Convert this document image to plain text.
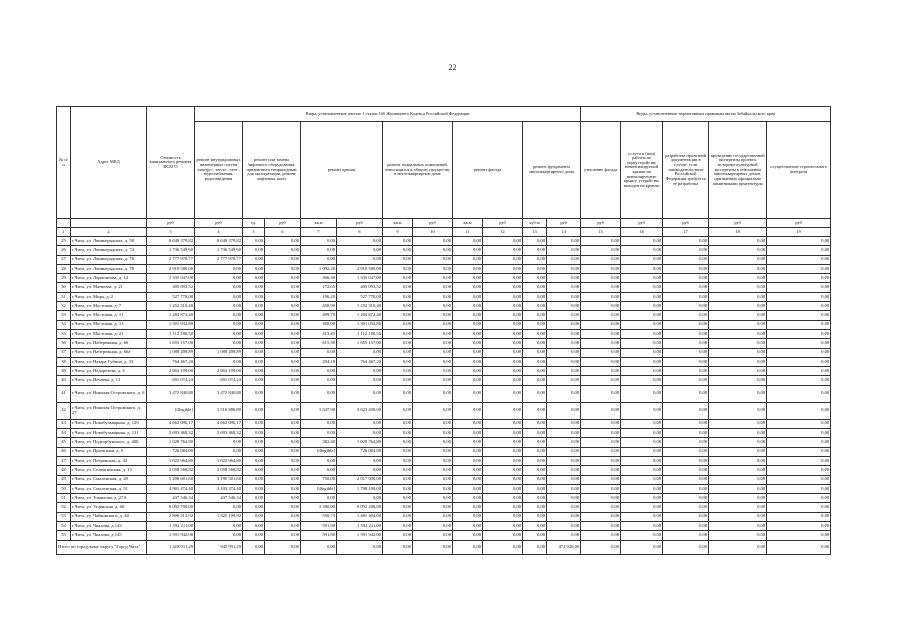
22
№ п/п	Адрес МКД	Стоимость капитального ремонта ВСЕГО	Виды, установленные частью 1 статьи 166 Жилищного Кодекса Российской Федерации											Виды, установленные нормативным правовым актом Забайкальского края				
			ремонт внутридомовых инженерных систем электро-, тепло-, газо-, водоснабжения, водоотведения	ремонт или замена лифтового оборудования, признанного непригодным для эксплуатации, ремонт лифтовых шахт		ремонт крыши		ремонт подвальных помещений, относящихся к общему имуществу в многоквартирном доме		ремонт фасада		ремонт фундамента многоквартирного дома		утепление фасада	услуги и (или) работы по переустройству невентилируемой крыши на вентилируемую крышу, устройство выходов на кровлю	разработка проектной документации в случае, если законодательством Российской Федерации требуется ее разработка	проведение государственной экспертизы проекта, историко-культурной экспертизы в отношении многоквартирных домов, признанных официально памятниками архитектуры	осуществление строительного контроля
		руб	руб	ед.	руб	кв.м	руб	кв.м	руб	кв.м	руб	куб.м	руб	руб	руб	руб	руб	руб
1	2	3	4	5	6	7	8	9	10	11	12	13	14	15	16	17	18	19
25	г.Чита, ул. Ленинградская, д. 58	8 649 379,82	8 649 379,82	0,00	0,00	0,00	0,00	0,00	0,00	0,00	0,00	0,00	0,00	0,00	0,00	0,00	0,00	0,00
26	г.Чита, ул. Ленинградская, д. 74	1 736 549,60	1 736 549,60	0,00	0,00	0,00	0,00	0,00	0,00	0,00	0,00	0,00	0,00	0,00	0,00	0,00	0,00	0,00
27	г.Чита, ул. Ленинградская, д. 76	2 777 978,77	2 777 978,77	0,00	0,00	0,00	0,00	0,00	0,00	0,00	0,00	0,00	0,00	0,00	0,00	0,00	0,00	0,00
28	г.Чита, ул. Ленинградская, д. 78	2 910 580,00	0,00	0,00	0,00	1 092,20	2 910 580,00	0,00	0,00	0,00	0,00	0,00	0,00	0,00	0,00	0,00	0,00	0,00
29	г.Чита, ул. Лермонтова, д. 14	1 335 047,00	0,00	0,00	0,00	466,30	1 335 047,00	0,00	0,00	0,00	0,00	0,00	0,00	0,00	0,00	0,00	0,00	0,00
30	г.Чита, ул. Матвеева, д. 21	405 093,52	0,00	0,00	0,00	172,65	405 093,52	0,00	0,00	0,00	0,00	0,00	0,00	0,00	0,00	0,00	0,00	0,00
31	г.Чита, ул. Мира, д. 2	527 778,00	0,00	0,00	0,00	196,20	527 778,00	0,00	0,00	0,00	0,00	0,00	0,00	0,00	0,00	0,00	0,00	0,00
32	г.Чита, ул. Мостовая, д. 7	1 252 310,40	0,00	0,00	0,00	458,90	1 252 310,40	0,00	0,00	0,00	0,00	0,00	0,00	0,00	0,00	0,00	0,00	0,00
33	г.Чита, ул. Мостовая, д. 11	1 284 872,40	0,00	0,00	0,00	499,70	1 284 872,40	0,00	0,00	0,00	0,00	0,00	0,00	0,00	0,00	0,00	0,00	0,00
34	г.Чита, ул. Мостовая, д. 13	1 301 032,80	0,00	0,00	0,00	468,00	1 301 032,80	0,00	0,00	0,00	0,00	0,00	0,00	0,00	0,00	0,00	0,00	0,00
35	г.Чита, ул. Мостовая, д. 21	1 112 180,50	0,00	0,00	0,00	413,45	1 112 180,50	0,00	0,00	0,00	0,00	0,00	0,00	0,00	0,00	0,00	0,00	0,00
36	г.Чита, ул. Набережная, д. 66	1 655 157,00	0,00	0,00	0,00	615,30	1 655 157,00	0,00	0,00	0,00	0,00	0,00	0,00	0,00	0,00	0,00	0,00	0,00
37	г.Чита, ул. Набережная, д. 66а	1 088 209,89	1 088 209,89	0,00	0,00	0,00	0,00	0,00	0,00	0,00	0,00	0,00	0,00	0,00	0,00	0,00	0,00	0,00
38	г.Чита, ул. Назара Губина, д. 33	764 467,20	0,00	0,00	0,00	294,18	764 467,20	0,00	0,00	0,00	0,00	0,00	0,00	0,00	0,00	0,00	0,00	0,00
39	г.Чита, ул. Недорезова, д. 6	2 663 109,00	2 663 109,00	0,00	0,00	0,00	0,00	0,00	0,00	0,00	0,00	0,00	0,00	0,00	0,00	0,00	0,00	0,00
40	г.Чита, ул. Нечаева, д. 12	691 074,24	691 074,24	0,00	0,00	0,00	0,00	0,00	0,00	0,00	0,00	0,00	0,00	0,00	0,00	0,00	0,00	0,00
41	г.Чита, ул. Николая Островского, д. 6	3 472 840,80	3 472 840,80	0,00	0,00	0,00	0,00	0,00	0,00	0,00	0,00	0,00	0,00	0,00	0,00	0,00	0,00	0,00
42	г.Чита, ул. Николая Островского, д. 27	[illegible]	3 516 886,80	0,00	0,00	1 347,90	3 623 430,00	0,00	0,00	0,00	0,00	0,00	0,00	0,00	0,00	0,00	0,00	0,00
43	г.Чита, ул. Новобульварная, д. 129	4 662 096,17	4 662 096,17	0,00	0,00	0,00	0,00	0,00	0,00	0,00	0,00	0,00	0,00	0,00	0,00	0,00	0,00	0,00
44	г.Чита, ул. Новобульварная, д. 131	5 693 368,32	5 693 368,32	0,00	0,00	0,00	0,00	0,00	0,00	0,00	0,00	0,00	0,00	0,00	0,00	0,00	0,00	0,00
45	г.Чита, ул. Подгорбунского, д. 40Б	1 028 764,80	0,00	0,00	0,00	382,40	1 028 764,80	0,00	0,00	0,00	0,00	0,00	0,00	0,00	0,00	0,00	0,00	0,00
46	г.Чита, ул. Проектная, д. 9	726 084,00	0,00	0,00	0,00	[illegible]	726 084,00	0,00	0,00	0,00	0,00	0,00	0,00	0,00	0,00	0,00	0,00	0,00
47	г.Чита, ул. Петровская, д. 42	1 022 964,80	1 022 964,80	0,00	0,00	0,00	0,00	0,00	0,00	0,00	0,00	0,00	0,00	0,00	0,00	0,00	0,00	0,00
48	г.Чита, ул. Селенгинская, д. 13	3 058 568,82	3 058 568,82	0,00	0,00	0,00	0,00	0,00	0,00	0,00	0,00	0,00	0,00	0,00	0,00	0,00	0,00	0,00
49	г.Чита, ул. Смоленская, д. 49	5 208 601,60	3 190 501,60	0,00	0,00	750,00	2 017 900,00	0,00	0,00	0,00	0,00	0,00	0,00	0,00	0,00	0,00	0,00	0,00
50	г.Чита, ул. Смоленская, д. 51	4 901 474,40	3 103 374,40	0,00	0,00	[illegible]	1 798 100,00	0,00	0,00	0,00	0,00	0,00	0,00	0,00	0,00	0,00	0,00	0,00
51	г.Чита, ул. Томилова, д. 27А	437 546,34	437 546,34	0,00	0,00	0,00	0,00	0,00	0,00	0,00	0,00	0,00	0,00	0,00	0,00	0,00	0,00	0,00
52	г.Чита, ул. Угданская, д. 60	9 092 700,00	0,00	0,00	0,00	3 380,00	9 092 200,00	0,00	0,00	0,00	0,00	0,00	0,00	0,00	0,00	0,00	0,00	0,00
53	г.Чита, ул. Чайковского, д. 40	2 806 513,92	1 325 109,92	0,00	0,00	550,73	1 481 404,00	0,00	0,00	0,00	0,00	0,00	0,00	0,00	0,00	0,00	0,00	0,00
54	г.Чита, ул. Чкалова, д.143	1 592 211,00	0,00	0,00	0,00	591,90	1 592 211,00	0,00	0,00	0,00	0,00	0,00	0,00	0,00	0,00	0,00	0,00	0,00
55	г.Чита, ул. Чкалова, д.145	1 591 942,00	0,00	0,00	0,00	591,80	1 591 942,00	0,00	0,00	0,00	0,00	0,00	0,00	0,00	0,00	0,00	0,00	0,00
Итого по городскому округу "Город Чита"		1 418 011,29	945 991,29	0,00	0,00	0,00	0,00	0,00	0,00	0,00	0,00	0,00	472 020,00	0,00	0,00	0,00	0,00	0,00
